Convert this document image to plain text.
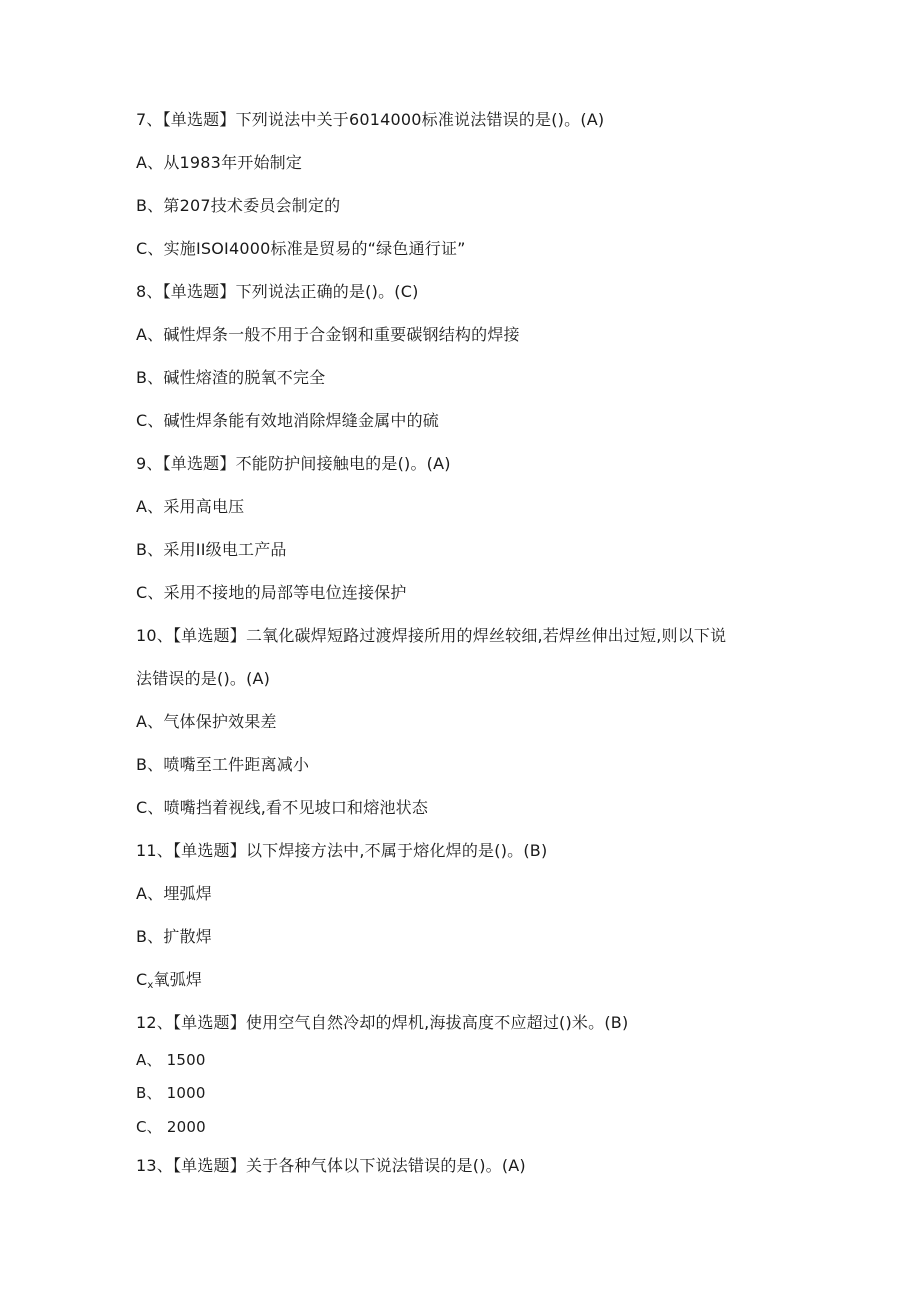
7、【单选题】下列说法中关于6014000标准说法错误的是()。(A)
A、从1983年开始制定
B、第207技术委员会制定的
C、实施ISOI4000标准是贸易的“绿色通行证”
8、【单选题】下列说法正确的是()。(C)
A、碱性焊条一般不用于合金钢和重要碳钢结构的焊接
B、碱性熔渣的脱氧不完全
C、碱性焊条能有效地消除焊缝金属中的硫
9、【单选题】不能防护间接触电的是()。(A)
A、采用高电压
B、采用II级电工产品
C、采用不接地的局部等电位连接保护
10、【单选题】二氧化碳焊短路过渡焊接所用的焊丝较细,若焊丝伸出过短,则以下说
法错误的是()。(A)
A、气体保护效果差
B、喷嘴至工件距离减小
C、喷嘴挡着视线,看不见坡口和熔池状态
11、【单选题】以下焊接方法中,不属于熔化焊的是()。(B)
A、埋弧焊
B、扩散焊
Cx氧弧焊
12、【单选题】使用空气自然冷却的焊机,海拔高度不应超过()米。(B)
A、 1500
B、 1000
C、 2000
13、【单选题】关于各种气体以下说法错误的是()。(A)
